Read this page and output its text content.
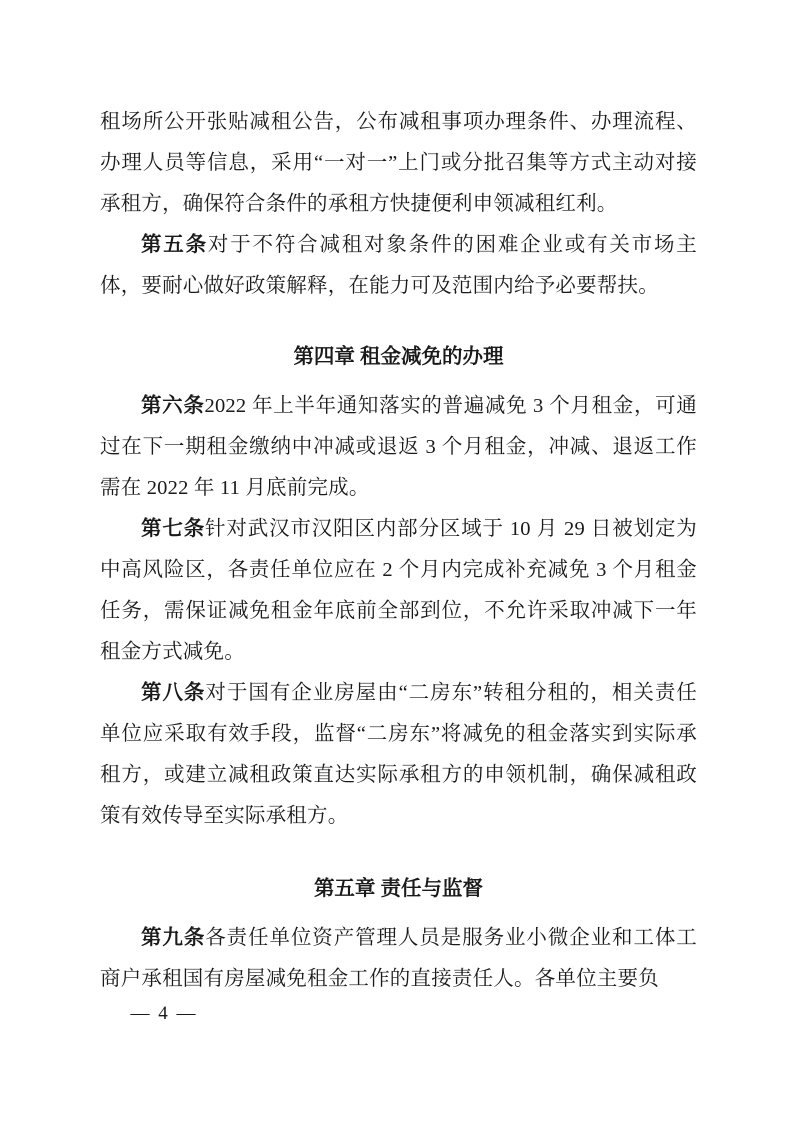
租场所公开张贴减租公告，公布减租事项办理条件、办理流程、办理人员等信息，采用“一对一”上门或分批召集等方式主动对接承租方，确保符合条件的承租方快捷便利申领减租红利。

第五条对于不符合减租对象条件的困难企业或有关市场主体，要耐心做好政策解释，在能力可及范围内给予必要帮扶。

第四章 租金减免的办理

第六条2022 年上半年通知落实的普遍减免 3 个月租金，可通过在下一期租金缴纳中冲减或退返 3 个月租金，冲减、退返工作需在 2022 年 11 月底前完成。

第七条针对武汉市汉阳区内部分区域于 10 月 29 日被划定为中高风险区，各责任单位应在 2 个月内完成补充减免 3 个月租金任务，需保证减免租金年底前全部到位，不允许采取冲减下一年租金方式减免。

第八条对于国有企业房屋由“二房东”转租分租的，相关责任单位应采取有效手段，监督“二房东”将减免的租金落实到实际承租方，或建立减租政策直达实际承租方的申领机制，确保减租政策有效传导至实际承租方。

第五章 责任与监督

第九条各责任单位资产管理人员是服务业小微企业和工体工商户承租国有房屋减免租金工作的直接责任人。各单位主要负

— 4 —
